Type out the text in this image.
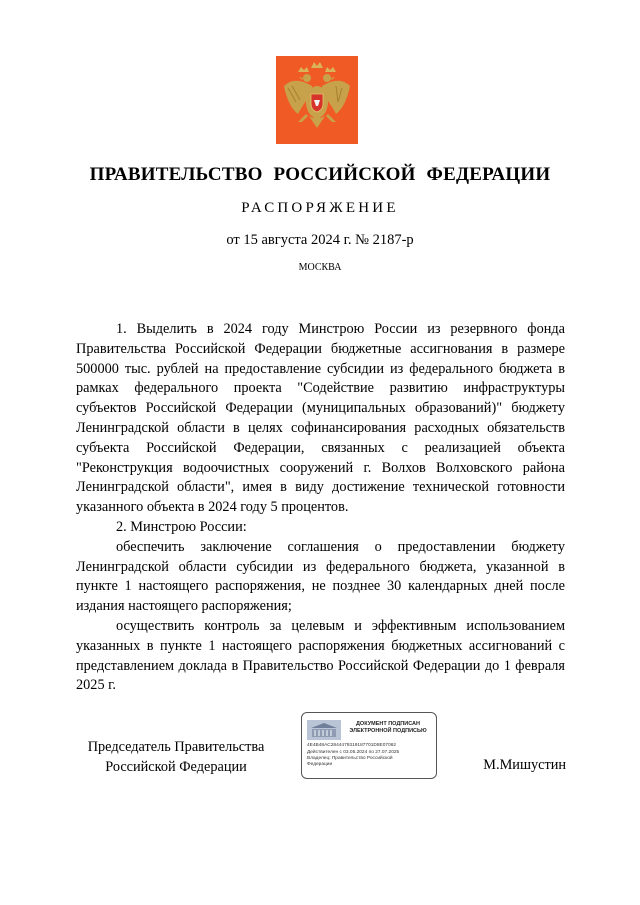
ПРАВИТЕЛЬСТВО РОССИЙСКОЙ ФЕДЕРАЦИИ
РАСПОРЯЖЕНИЕ
от 15 августа 2024 г. № 2187-р
МОСКВА

1. Выделить в 2024 году Минстрою России из резервного фонда Правительства Российской Федерации бюджетные ассигнования в размере 500000 тыс. рублей на предоставление субсидии из федерального бюджета в рамках федерального проекта "Содействие развитию инфраструктуры субъектов Российской Федерации (муниципальных образований)" бюджету Ленинградской области в целях софинансирования расходных обязательств субъекта Российской Федерации, связанных с реализацией объекта "Реконструкция водоочистных сооружений г. Волхов Волховского района Ленинградской области", имея в виду достижение технической готовности указанного объекта в 2024 году 5 процентов.

2. Минстрою России:

обеспечить заключение соглашения о предоставлении бюджету Ленинградской области субсидии из федерального бюджета, указанной в пункте 1 настоящего распоряжения, не позднее 30 календарных дней после издания настоящего распоряжения;

осуществить контроль за целевым и эффективным использованием указанных в пункте 1 настоящего распоряжения бюджетных ассигнований с представлением доклада в Правительство Российской Федерации до 1 февраля 2025 г.

Председатель Правительства
Российской Федерации
ДОКУМЕНТ ПОДПИСАН
ЭЛЕКТРОННОЙ ПОДПИСЬЮ
4E4B48AC2844479319187701D8E07062
Действителен с 03.05.2024 по 27.07.2025
Владелец: Правительство Российской
Федерации	М.Мишустин
